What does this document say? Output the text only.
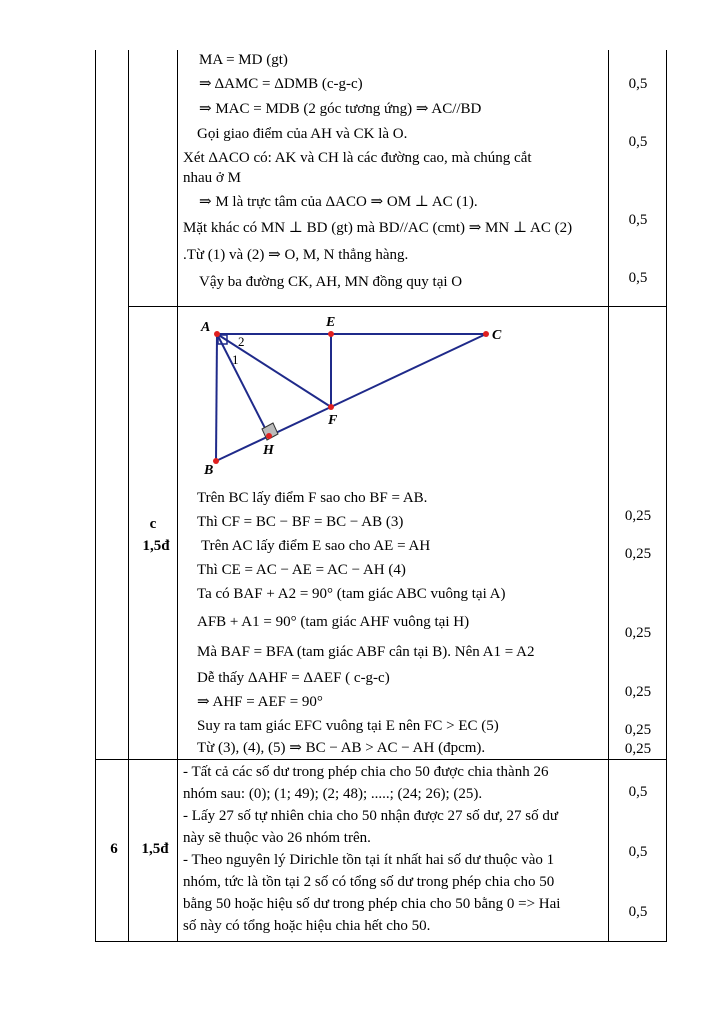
MA = MD (gt)
⇒ ΔAMC = ΔDMB (c-g-c)
⇒ MAC = MDB (2 góc tương ứng) ⇒ AC//BD
Gọi giao điểm của AH và CK là O.
Xét ΔACO có: AK và CH là các đường cao, mà chúng cắt
nhau ở M
⇒ M là trực tâm của ΔACO ⇒ OM ⊥ AC (1).
Mặt khác có MN ⊥ BD (gt) mà BD//AC (cmt) ⇒ MN ⊥ AC (2)
.Từ (1) và (2) ⇒ O, M, N thẳng hàng.
Vậy ba đường CK, AH, MN đồng quy tại O
0,5
0,5
0,5
0,5
c
1,5đ
A	E
C
F
H
B
2
1
Trên BC lấy điểm F sao cho BF = AB.
Thì CF = BC − BF = BC − AB (3)
Trên AC lấy điểm E sao cho AE = AH
Thì CE = AC − AE = AC − AH (4)
Ta có BAF + A2 = 90° (tam giác ABC vuông tại A)
AFB + A1 = 90° (tam giác AHF vuông tại H)
Mà BAF = BFA (tam giác ABF cân tại B). Nên A1 = A2
Dễ thấy ΔAHF = ΔAEF ( c-g-c)
⇒ AHF = AEF = 90°
Suy ra tam giác EFC vuông tại E nên FC > EC (5)
Từ (3), (4), (5) ⇒ BC − AB > AC − AH (đpcm).
0,25
0,25
0,25
0,25
0,25
0,25
6	1,5đ
- Tất cả các số dư trong phép chia cho 50 được chia thành 26
nhóm sau: (0); (1; 49); (2; 48); .....; (24; 26); (25).
- Lấy 27 số tự nhiên chia cho 50 nhận được 27 số dư, 27 số dư
này sẽ thuộc vào 26 nhóm trên.
- Theo nguyên lý Dirichle tồn tại ít nhất hai số dư thuộc vào 1
nhóm, tức là tồn tại 2 số có tổng số dư trong phép chia cho 50
bằng 50 hoặc hiệu số dư trong phép chia cho 50 bằng 0 => Hai
số này có tổng hoặc hiệu chia hết cho 50.
0,5
0,5
0,5
